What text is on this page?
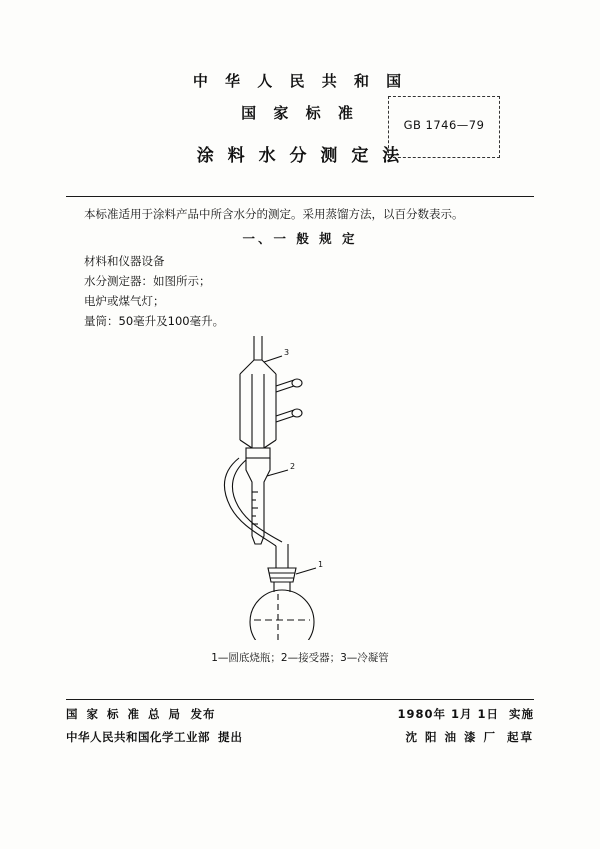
中 华 人 民 共 和 国
国 家 标 准
涂 料 水 分 测 定 法
GB 1746—79
本标准适用于涂料产品中所含水分的测定。采用蒸馏方法，以百分数表示。
一、一 般 规 定
材料和仪器设备
水分测定器：如图所示；
电炉或煤气灯；
量筒：50毫升及100毫升。
3
2
1
1—圆底烧瓶；2—接受器；3—冷凝管
国 家 标 准 总 局 发布	1980年 1月 1日 实施
中华人民共和国化学工业部 提出	沈 阳 油 漆 厂 起草
